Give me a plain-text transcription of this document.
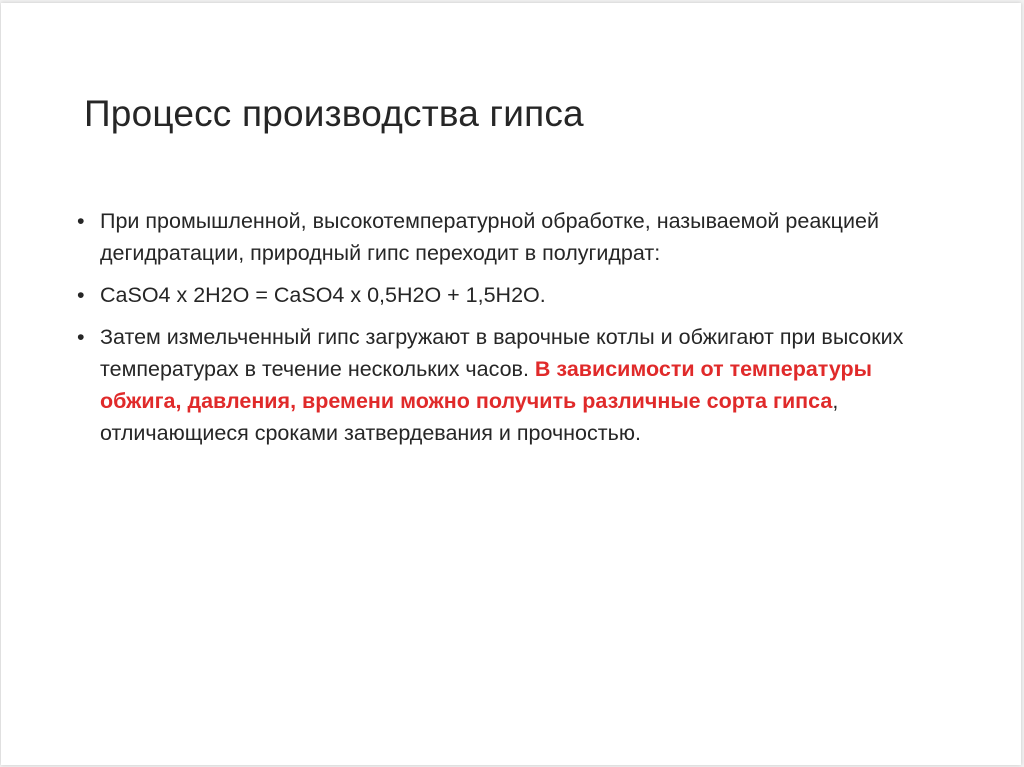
Процесс производства гипса
• При промышленной, высокотемпературной обработке, называемой реакцией дегидратации, природный гипс переходит в полугидрат:
• CaSO4 x 2H2O = CaSO4 x 0,5H2O + 1,5H2O.
• Затем измельченный гипс загружают в варочные котлы и обжигают при высоких температурах в течение нескольких часов. В зависимости от температуры обжига, давления, времени можно получить различные сорта гипса, отличающиеся сроками затвердевания и прочностью.
